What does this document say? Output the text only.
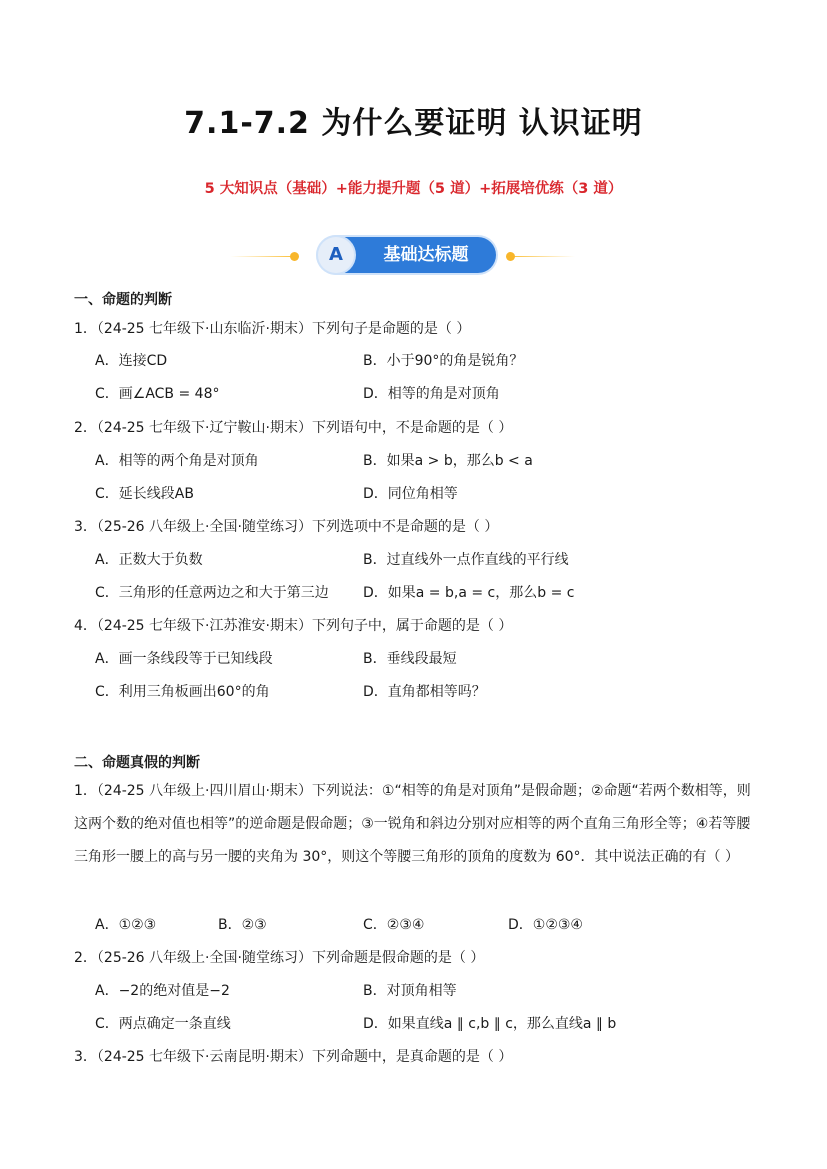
7.1-7.2 为什么要证明 认识证明
5 大知识点（基础）+能力提升题（5 道）+拓展培优练（3 道）
A	基础达标题
一、命题的判断
1．（24-25 七年级下·山东临沂·期末）下列句子是命题的是（ ）
A．连接CD	B．小于90°的角是锐角？
C．画∠ACB = 48°	D．相等的角是对顶角
2．（24-25 七年级下·辽宁鞍山·期末）下列语句中，不是命题的是（ ）
A．相等的两个角是对顶角	B．如果a > b，那么b < a
C．延长线段AB	D．同位角相等
3．（25-26 八年级上·全国·随堂练习）下列选项中不是命题的是（ ）
A．正数大于负数	B．过直线外一点作直线的平行线
C．三角形的任意两边之和大于第三边 D．如果a = b,a = c，那么b = c
4．（24-25 七年级下·江苏淮安·期末）下列句子中，属于命题的是（ ）
A．画一条线段等于已知线段	B．垂线段最短
C．利用三角板画出60°的角	D．直角都相等吗？
二、命题真假的判断
1．（24-25 八年级上·四川眉山·期末）下列说法：①“相等的角是对顶角”是假命题；②命题“若两个数相等，则这两个数的绝对值也相等”的逆命题是假命题；③一锐角和斜边分别对应相等的两个直角三角形全等；④若等腰三角形一腰上的高与另一腰的夹角为 30°，则这个等腰三角形的顶角的度数为 60°．其中说法正确的有（ ）
A．①②③	B．②③	C．②③④	D．①②③④
2．（25-26 八年级上·全国·随堂练习）下列命题是假命题的是（ ）
A．−2的绝对值是−2	B．对顶角相等
C．两点确定一条直线	D．如果直线a ∥ c,b ∥ c，那么直线a ∥ b
3．（24-25 七年级下·云南昆明·期末）下列命题中，是真命题的是（ ）
